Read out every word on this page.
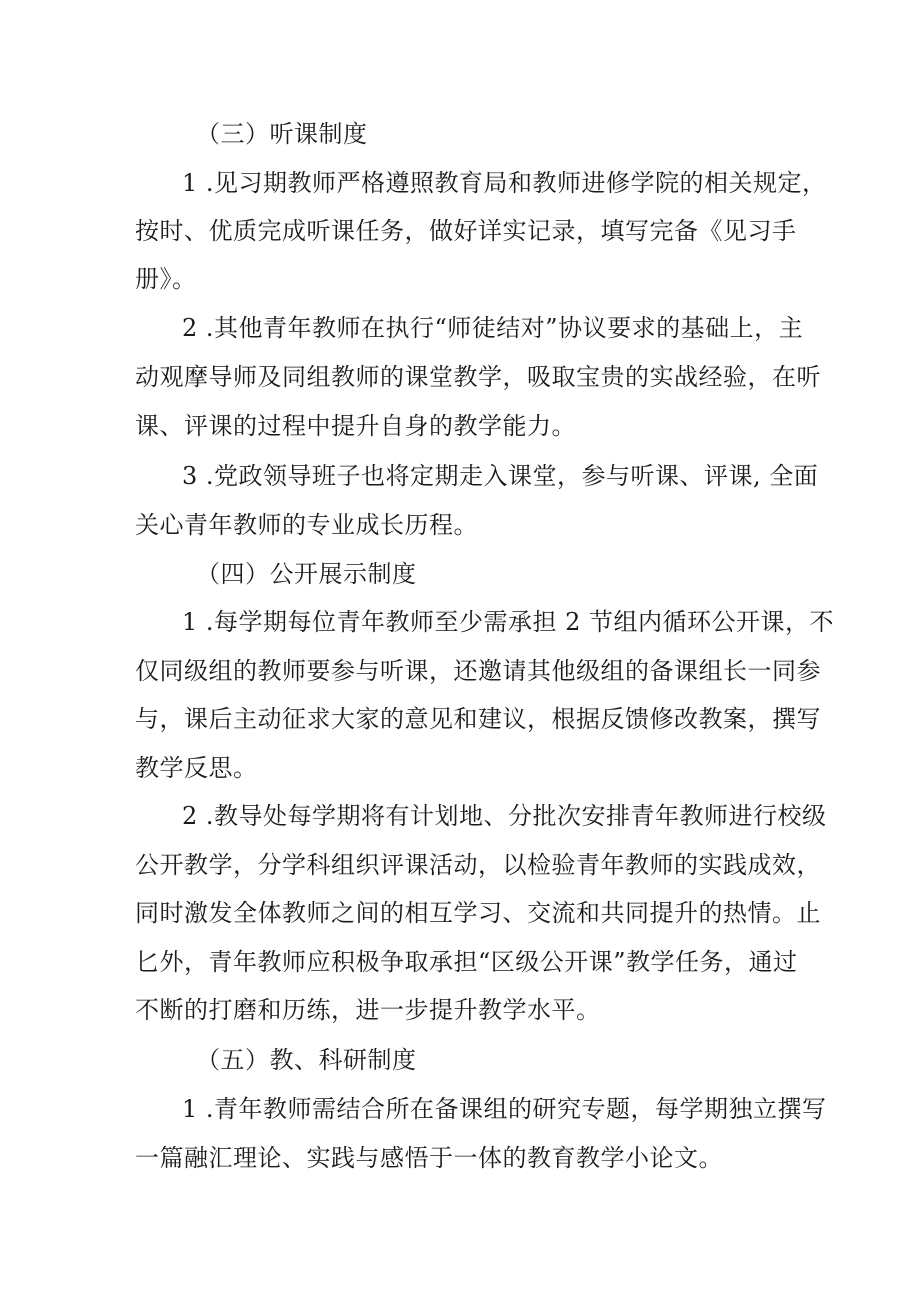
（三）听课制度
1 .见习期教师严格遵照教育局和教师进修学院的相关规定，
按时、优质完成听课任务，做好详实记录，填写完备《见习手
册》。
2 .其他青年教师在执行“师徒结对”协议要求的基础上，主
动观摩导师及同组教师的课堂教学，吸取宝贵的实战经验，在听
课、评课的过程中提升自身的教学能力。
3 .党政领导班子也将定期走入课堂，参与听课、评课, 全面
关心青年教师的专业成长历程。
（四）公开展示制度
1 .每学期每位青年教师至少需承担 2 节组内循环公开课，不
仅同级组的教师要参与听课，还邀请其他级组的备课组长一同参
与，课后主动征求大家的意见和建议，根据反馈修改教案，撰写
教学反思。
2 .教导处每学期将有计划地、分批次安排青年教师进行校级
公开教学，分学科组织评课活动，以检验青年教师的实践成效，
同时激发全体教师之间的相互学习、交流和共同提升的热情。止
匕外，青年教师应积极争取承担“区级公开课”教学任务，通过
不断的打磨和历练，进一步提升教学水平。
（五）教、科研制度
1 .青年教师需结合所在备课组的研究专题，每学期独立撰写
一篇融汇理论、实践与感悟于一体的教育教学小论文。
